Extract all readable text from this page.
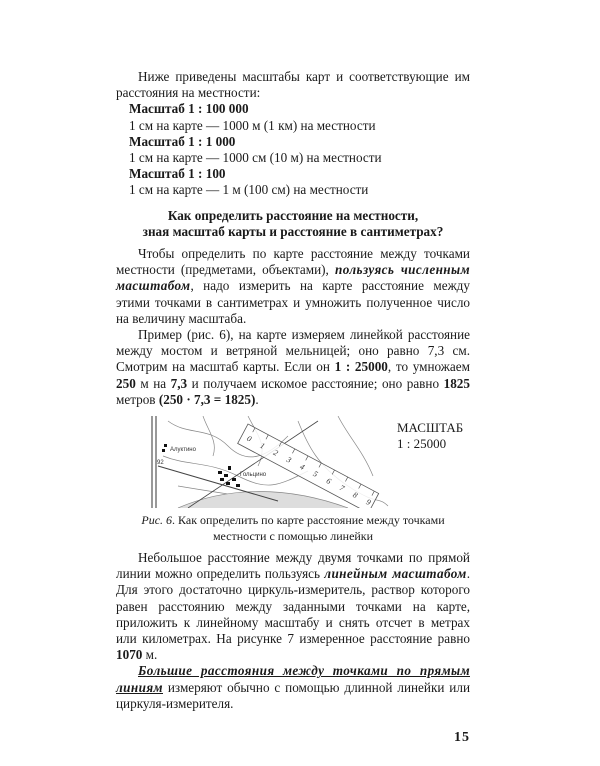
Ниже приведены масштабы карт и соответствующие им расстояния на местности:

Масштаб 1 : 100 000

1 см на карте — 1000 м (1 км) на местности

Масштаб 1 : 1 000

1 см на карте — 1000 см (10 м) на местности

Масштаб 1 : 100

1 см на карте — 1 м (100 см) на местности

Как определить расстояние на местности,
зная масштаб карты и расстояние в сантиметрах?

Чтобы определить по карте расстояние между точками местности (предметами, объектами), пользуясь численным масштабом, надо измерить на карте расстояние между этими точками в сантиметрах и умножить полученное число на величину масштаба.

Пример (рис. 6), на карте измеряем линейкой расстояние между мостом и ветряной мельницей; оно равно 7,3 см. Смотрим на масштаб карты. Если он 1 : 25000, то умножаем 250 м на 7,3 и получаем искомое расстояние; оно равно 1825 метров (250 · 7,3 = 1825).

Алуктино
Гольцино
92
0
1
2
3
4
5
6
7
8
9
МАСШТАБ
1 : 25000
Рис. 6. Как определить по карте расстояние между точками местности с помощью линейки

Небольшое расстояние между двумя точками по прямой линии можно определить пользуясь линейным масштабом. Для этого достаточно циркуль-измеритель, раствор которого равен расстоянию между заданными точками на карте, приложить к линейному масштабу и снять отсчет в метрах или километрах. На рисунке 7 измеренное расстояние равно 1070 м.

Большие расстояния между точками по прямым линиям измеряют обычно с помощью длинной линейки или циркуля-измерителя.

15
